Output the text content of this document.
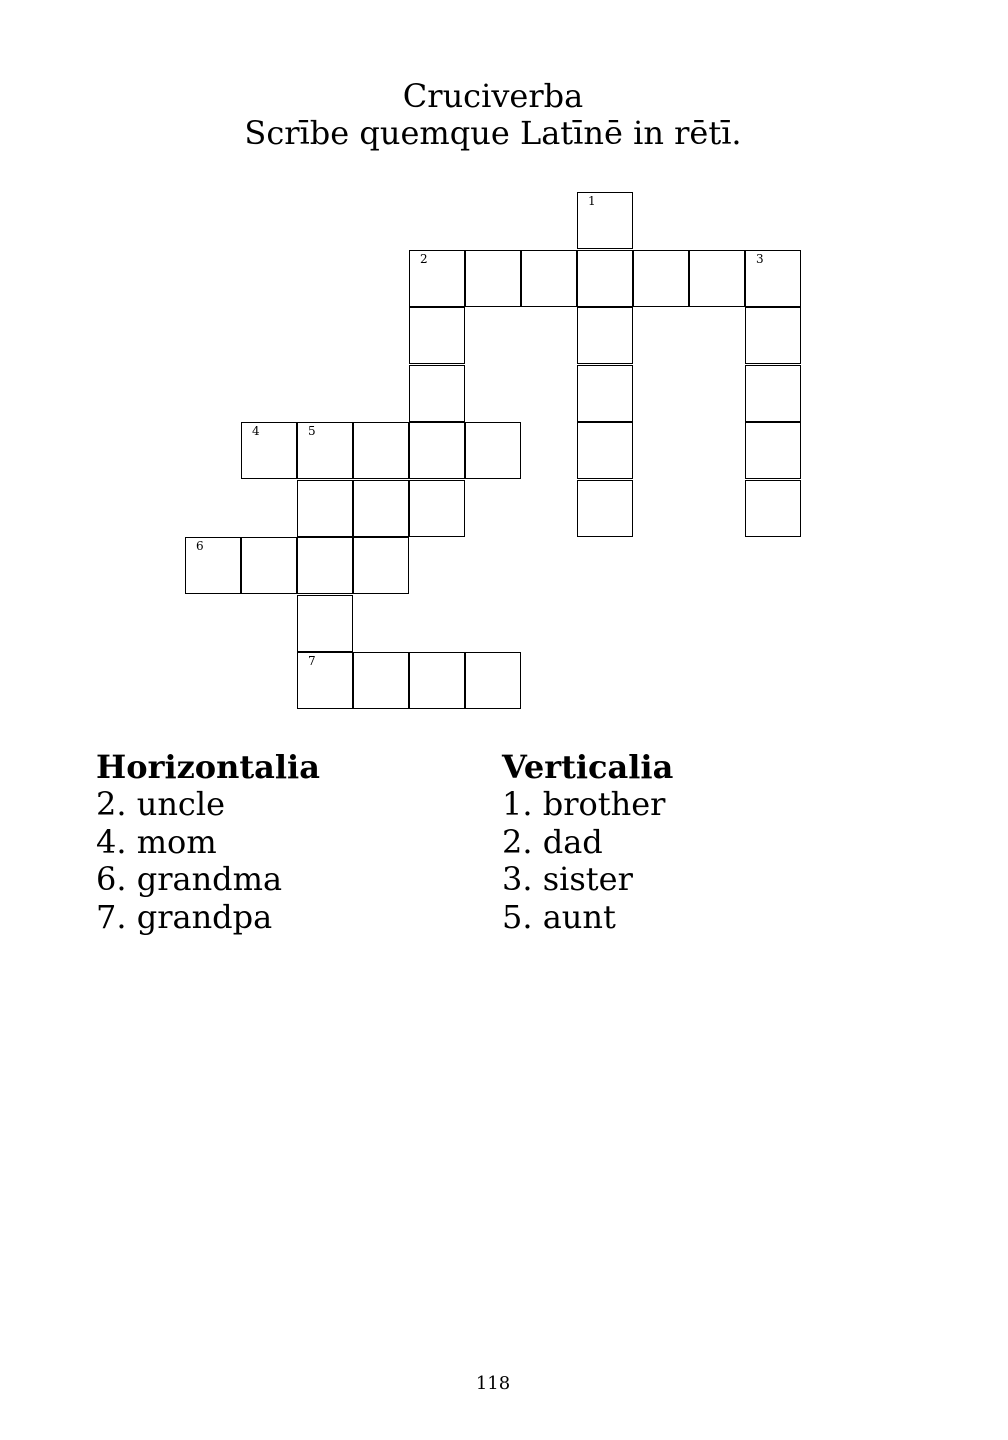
Cruciverba
Scrībe quemque Latīnē in rētī.
1
2	3
4	5
6
7
Horizontalia
2. uncle
4. mom
6. grandma
7. grandpa
Verticalia
1. brother
2. dad
3. sister
5. aunt
118
